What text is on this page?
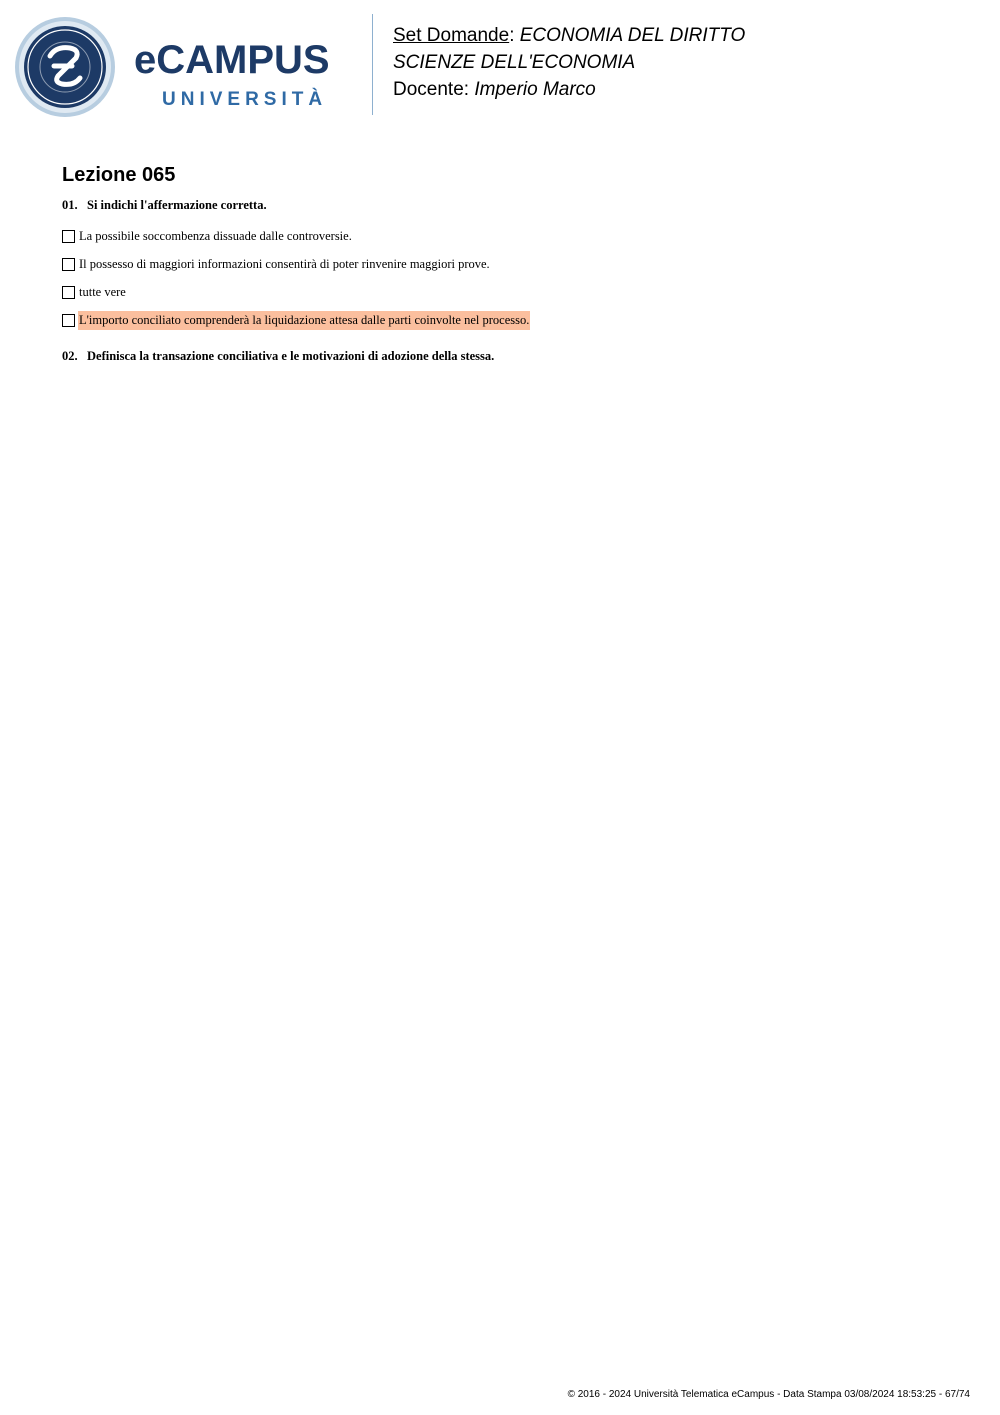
eCAMPUS
UNIVERSITÀ
Set Domande: ECONOMIA DEL DIRITTO
SCIENZE DELL'ECONOMIA
Docente: Imperio Marco
Lezione 065
01. Si indichi l'affermazione corretta.
La possibile soccombenza dissuade dalle controversie.
Il possesso di maggiori informazioni consentirà di poter rinvenire maggiori prove.
tutte vere
L'importo conciliato comprenderà la liquidazione attesa dalle parti coinvolte nel processo.
02. Definisca la transazione conciliativa e le motivazioni di adozione della stessa.
© 2016 - 2024 Università Telematica eCampus - Data Stampa 03/08/2024 18:53:25 - 67/74
